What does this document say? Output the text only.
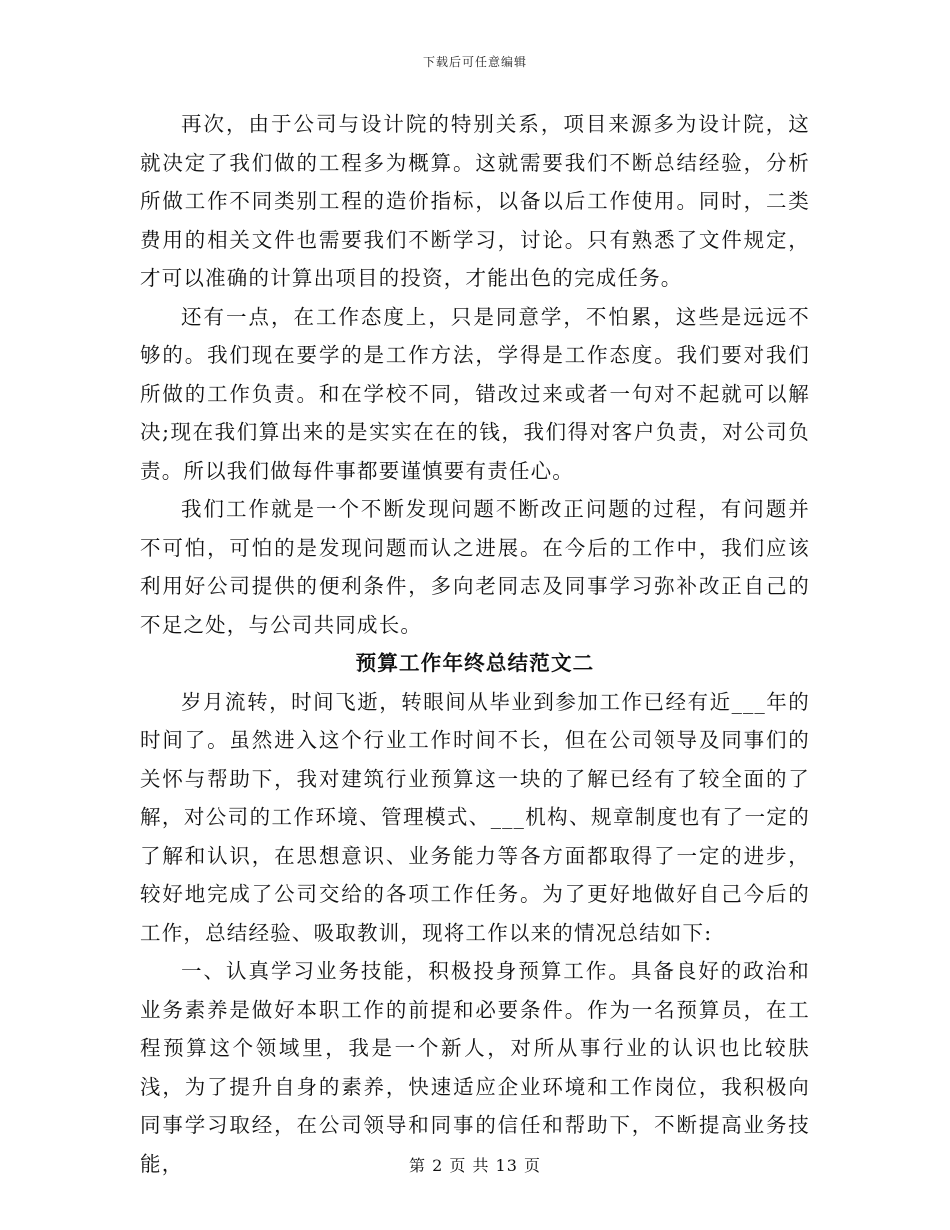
下载后可任意编辑

再次，由于公司与设计院的特别关系，项目来源多为设计院，这就决定了我们做的工程多为概算。这就需要我们不断总结经验，分析所做工作不同类别工程的造价指标，以备以后工作使用。同时，二类费用的相关文件也需要我们不断学习，讨论。只有熟悉了文件规定，才可以准确的计算出项目的投资，才能出色的完成任务。

还有一点，在工作态度上，只是同意学，不怕累，这些是远远不够的。我们现在要学的是工作方法，学得是工作态度。我们要对我们所做的工作负责。和在学校不同，错改过来或者一句对不起就可以解决;现在我们算出来的是实实在在的钱，我们得对客户负责，对公司负责。所以我们做每件事都要谨慎要有责任心。

我们工作就是一个不断发现问题不断改正问题的过程，有问题并不可怕，可怕的是发现问题而认之进展。在今后的工作中，我们应该利用好公司提供的便利条件，多向老同志及同事学习弥补改正自己的不足之处，与公司共同成长。

预算工作年终总结范文二

岁月流转，时间飞逝，转眼间从毕业到参加工作已经有近___年的时间了。虽然进入这个行业工作时间不长，但在公司领导及同事们的关怀与帮助下，我对建筑行业预算这一块的了解已经有了较全面的了解，对公司的工作环境、管理模式、___机构、规章制度也有了一定的了解和认识，在思想意识、业务能力等各方面都取得了一定的进步，较好地完成了公司交给的各项工作任务。为了更好地做好自己今后的工作，总结经验、吸取教训，现将工作以来的情况总结如下:

一、认真学习业务技能，积极投身预算工作。具备良好的政治和业务素养是做好本职工作的前提和必要条件。作为一名预算员，在工程预算这个领域里，我是一个新人，对所从事行业的认识也比较肤浅，为了提升自身的素养，快速适应企业环境和工作岗位，我积极向同事学习取经，在公司领导和同事的信任和帮助下，不断提高业务技能，	第 2 页 共 13 页
